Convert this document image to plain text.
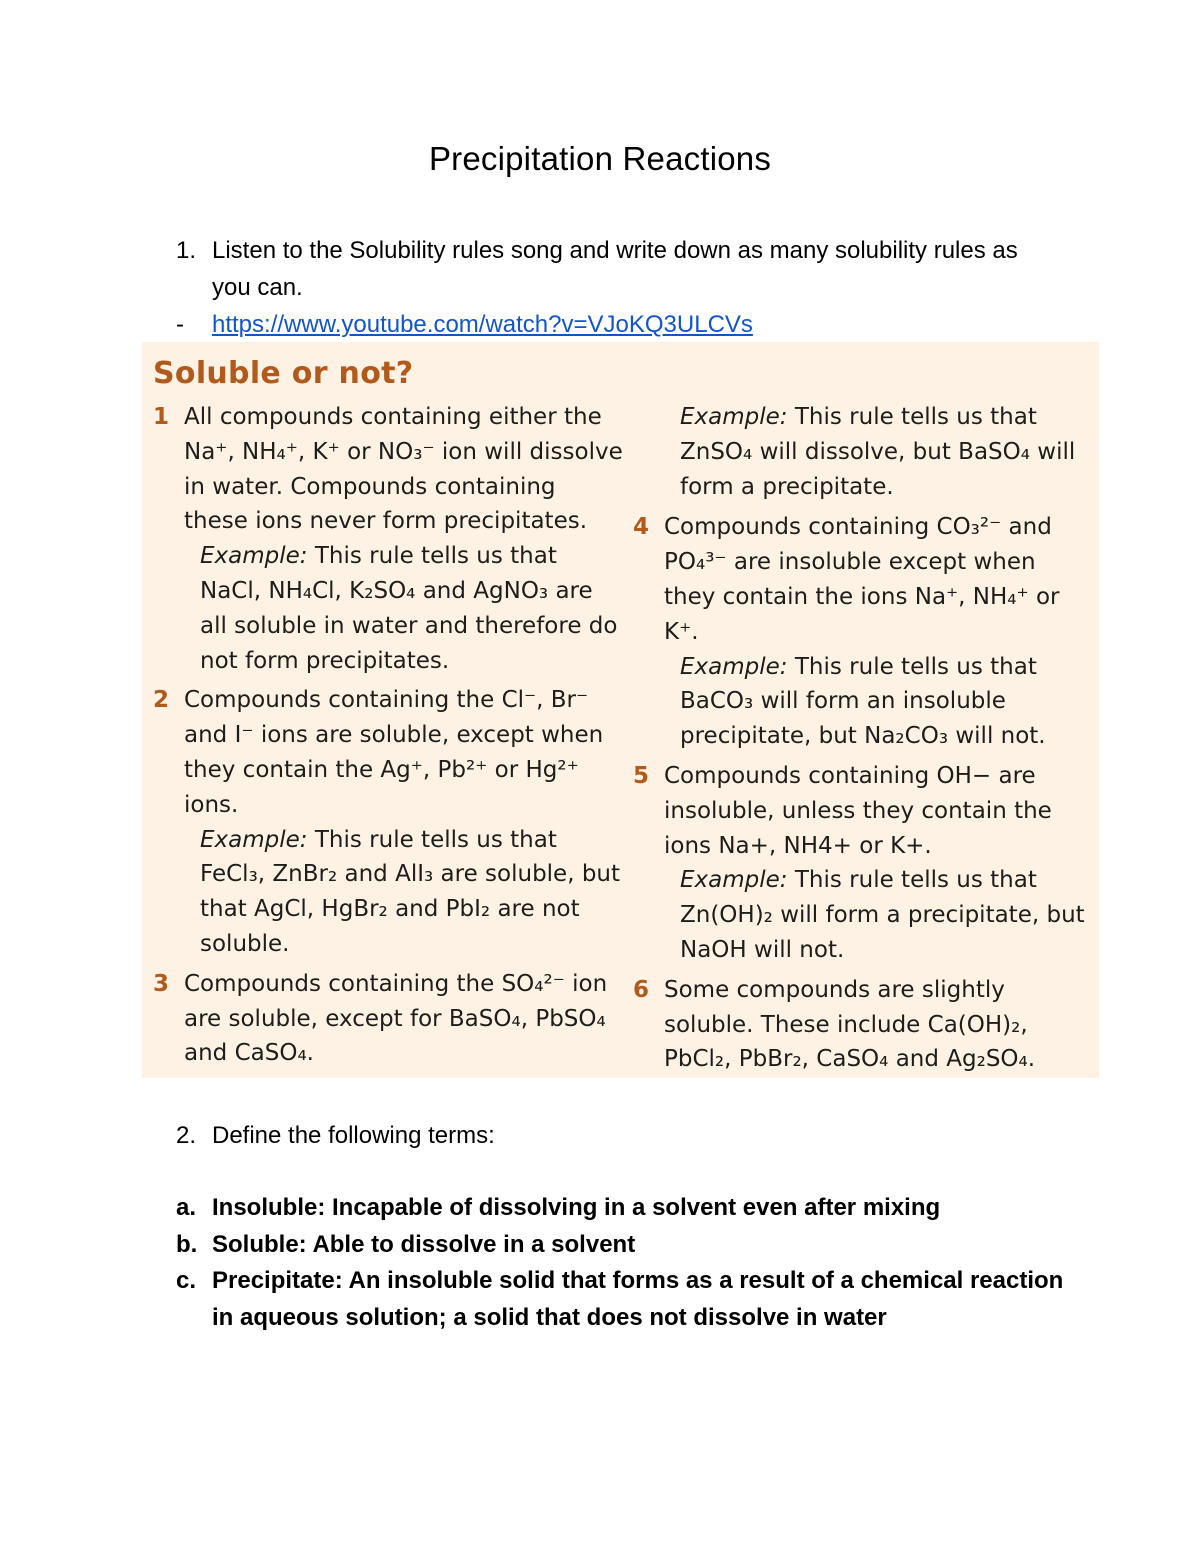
Precipitation Reactions
1. Listen to the Solubility rules song and write down as many solubility rules as you can.
- https://www.youtube.com/watch?v=VJoKQ3ULCVs
Soluble or not?
1 All compounds containing either the Na⁺, NH₄⁺, K⁺ or NO₃⁻ ion will dissolve in water. Compounds containing these ions never form precipitates.
Example: This rule tells us that NaCl, NH₄Cl, K₂SO₄ and AgNO₃ are all soluble in water and therefore do not form precipitates.
2 Compounds containing the Cl⁻, Br⁻ and I⁻ ions are soluble, except when they contain the Ag⁺, Pb²⁺ or Hg²⁺ ions.
Example: This rule tells us that FeCl₃, ZnBr₂ and AlI₃ are soluble, but that AgCl, HgBr₂ and PbI₂ are not soluble.
3 Compounds containing the SO₄²⁻ ion are soluble, except for BaSO₄, PbSO₄ and CaSO₄.
Example: This rule tells us that ZnSO₄ will dissolve, but BaSO₄ will form a precipitate.
4 Compounds containing CO₃²⁻ and PO₄³⁻ are insoluble except when they contain the ions Na⁺, NH₄⁺ or K⁺.
Example: This rule tells us that BaCO₃ will form an insoluble precipitate, but Na₂CO₃ will not.
5 Compounds containing OH− are insoluble, unless they contain the ions Na+, NH4+ or K+.
Example: This rule tells us that Zn(OH)₂ will form a precipitate, but NaOH will not.
6 Some compounds are slightly soluble. These include Ca(OH)₂, PbCl₂, PbBr₂, CaSO₄ and Ag₂SO₄.
2. Define the following terms:
a. Insoluble: Incapable of dissolving in a solvent even after mixing
b. Soluble: Able to dissolve in a solvent
c. Precipitate: An insoluble solid that forms as a result of a chemical reaction in aqueous solution; a solid that does not dissolve in water
